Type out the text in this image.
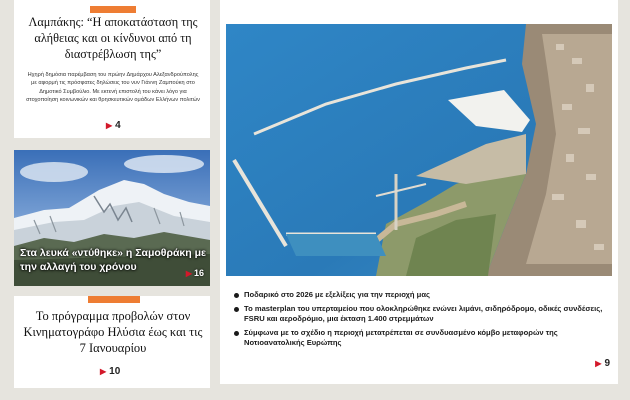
Λαμπάκης: “Η αποκατάσταση της αλήθειας και οι κίνδυνοι από τη διαστρέβλωση της”
Ηχηρή δημόσια παρέμβαση του πρώην Δημάρχου Αλεξανδρούπολης με αφορμή τις πρόσφατες δηλώσεις του νυν Γιάννη Ζαμπούκη στο Δημοτικό Συμβούλιο. Με εκτενή επιστολή του κάνει λόγο για στοχοποίηση κοινωνικών και θρησκευτικών ομάδων Ελλήνων πολιτών
▶ 4
Στα λευκά «ντύθηκε» η Σαμοθράκη με την αλλαγή του χρόνου
▶ 16
Το πρόγραμμα προβολών στον Κινηματογράφο Ηλύσια έως και τις 7 Ιανουαρίου
▶ 10
Ποδαρικό στο 2026 με εξελίξεις για την περιοχή μας
Το masterplan του υπερταμείου που ολοκληρώθηκε ενώνει λιμάνι, σιδηρόδρομο, οδικές συνδέσεις, FSRU και αεροδρόμιο, μια έκταση 1.400 στρεμμάτων
Σύμφωνα με το σχέδιο η περιοχή μετατρέπεται σε συνδυασμένο κόμβο μεταφορών της Νοτιοανατολικής Ευρώπης
▶ 9
